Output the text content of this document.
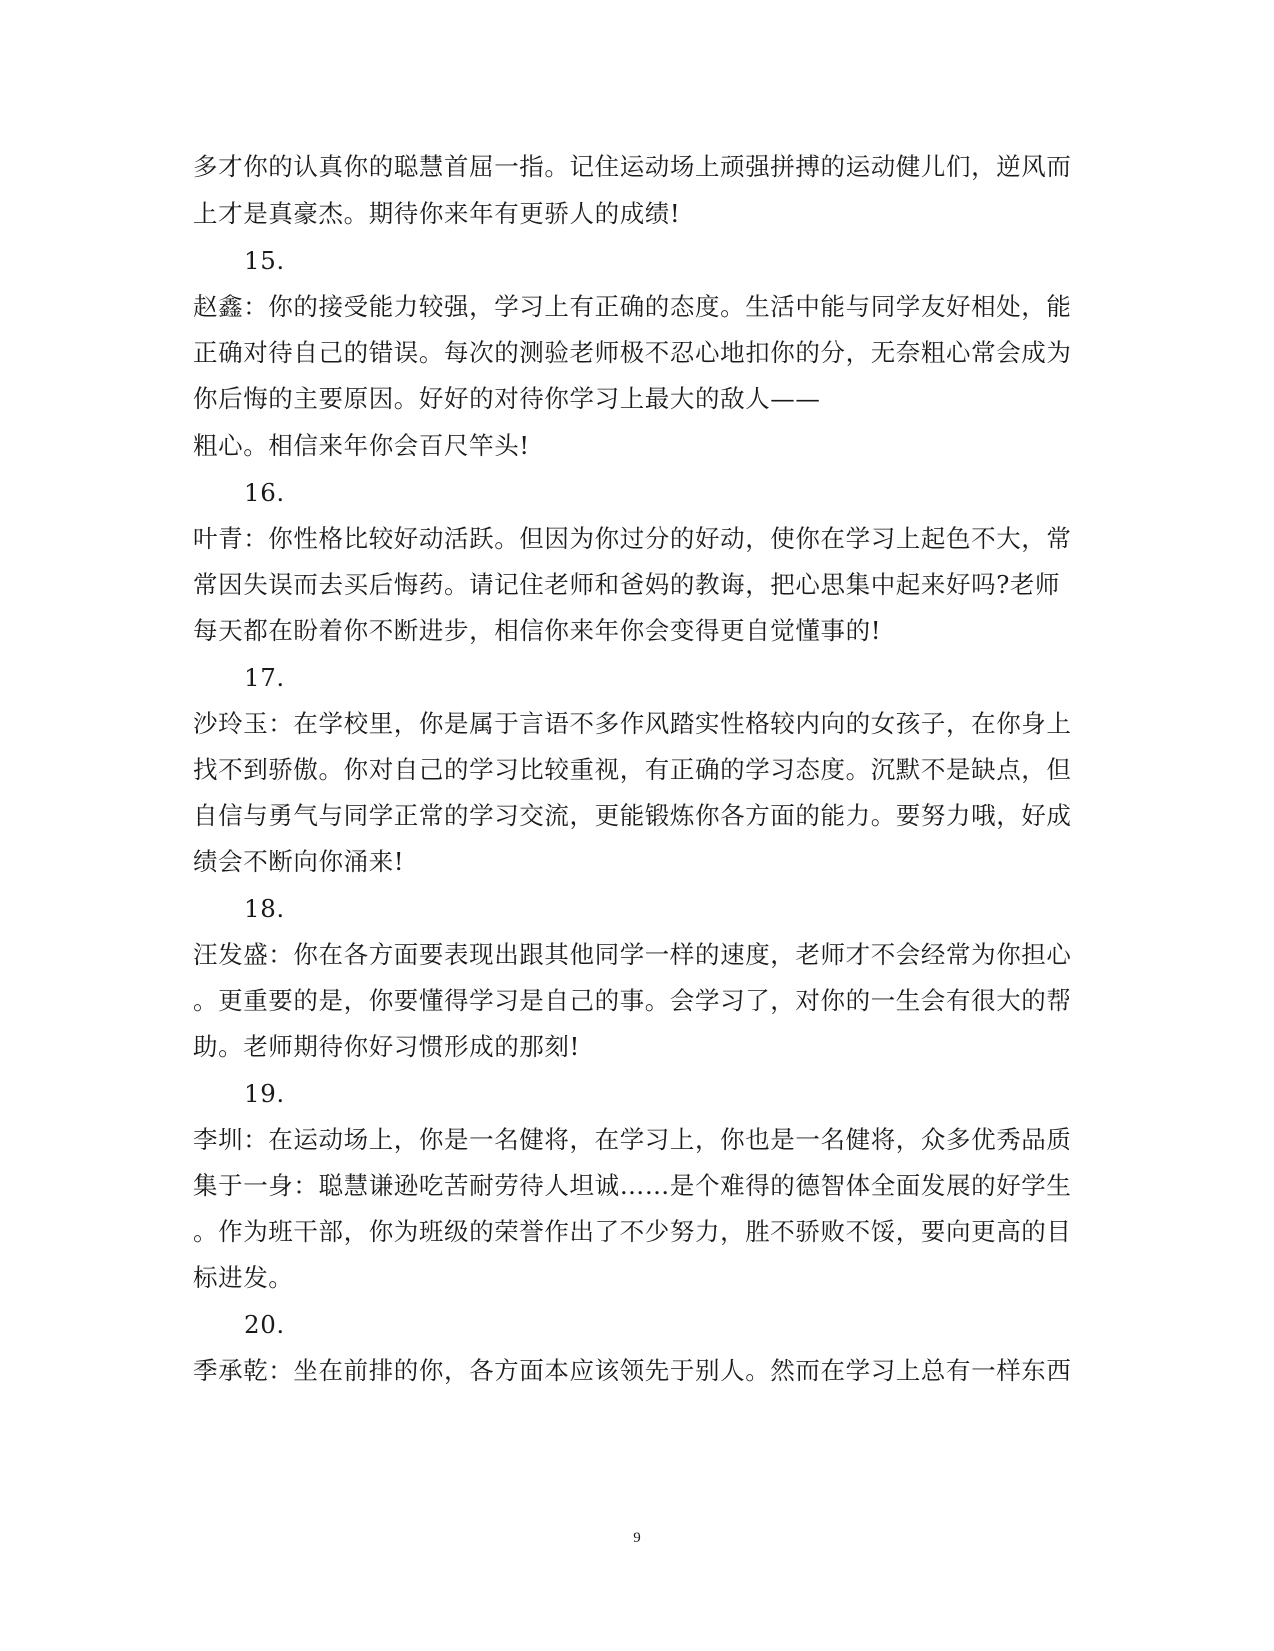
多才你的认真你的聪慧首屈一指。记住运动场上顽强拼搏的运动健儿们，逆风而
上才是真豪杰。期待你来年有更骄人的成绩!
15.
赵鑫：你的接受能力较强，学习上有正确的态度。生活中能与同学友好相处，能
正确对待自己的错误。每次的测验老师极不忍心地扣你的分，无奈粗心常会成为
你后悔的主要原因。好好的对待你学习上最大的敌人——
粗心。相信来年你会百尺竿头!
16.
叶青：你性格比较好动活跃。但因为你过分的好动，使你在学习上起色不大，常
常因失误而去买后悔药。请记住老师和爸妈的教诲，把心思集中起来好吗?老师
每天都在盼着你不断进步，相信你来年你会变得更自觉懂事的!
17.
沙玲玉：在学校里，你是属于言语不多作风踏实性格较内向的女孩子，在你身上
找不到骄傲。你对自己的学习比较重视，有正确的学习态度。沉默不是缺点，但
自信与勇气与同学正常的学习交流，更能锻炼你各方面的能力。要努力哦，好成
绩会不断向你涌来!
18.
汪发盛：你在各方面要表现出跟其他同学一样的速度，老师才不会经常为你担心
。更重要的是，你要懂得学习是自己的事。会学习了，对你的一生会有很大的帮
助。老师期待你好习惯形成的那刻!
19.
李圳：在运动场上，你是一名健将，在学习上，你也是一名健将，众多优秀品质
集于一身：聪慧谦逊吃苦耐劳待人坦诚……是个难得的德智体全面发展的好学生
。作为班干部，你为班级的荣誉作出了不少努力，胜不骄败不馁，要向更高的目
标进发。
20.
季承乾：坐在前排的你，各方面本应该领先于别人。然而在学习上总有一样东西
9
